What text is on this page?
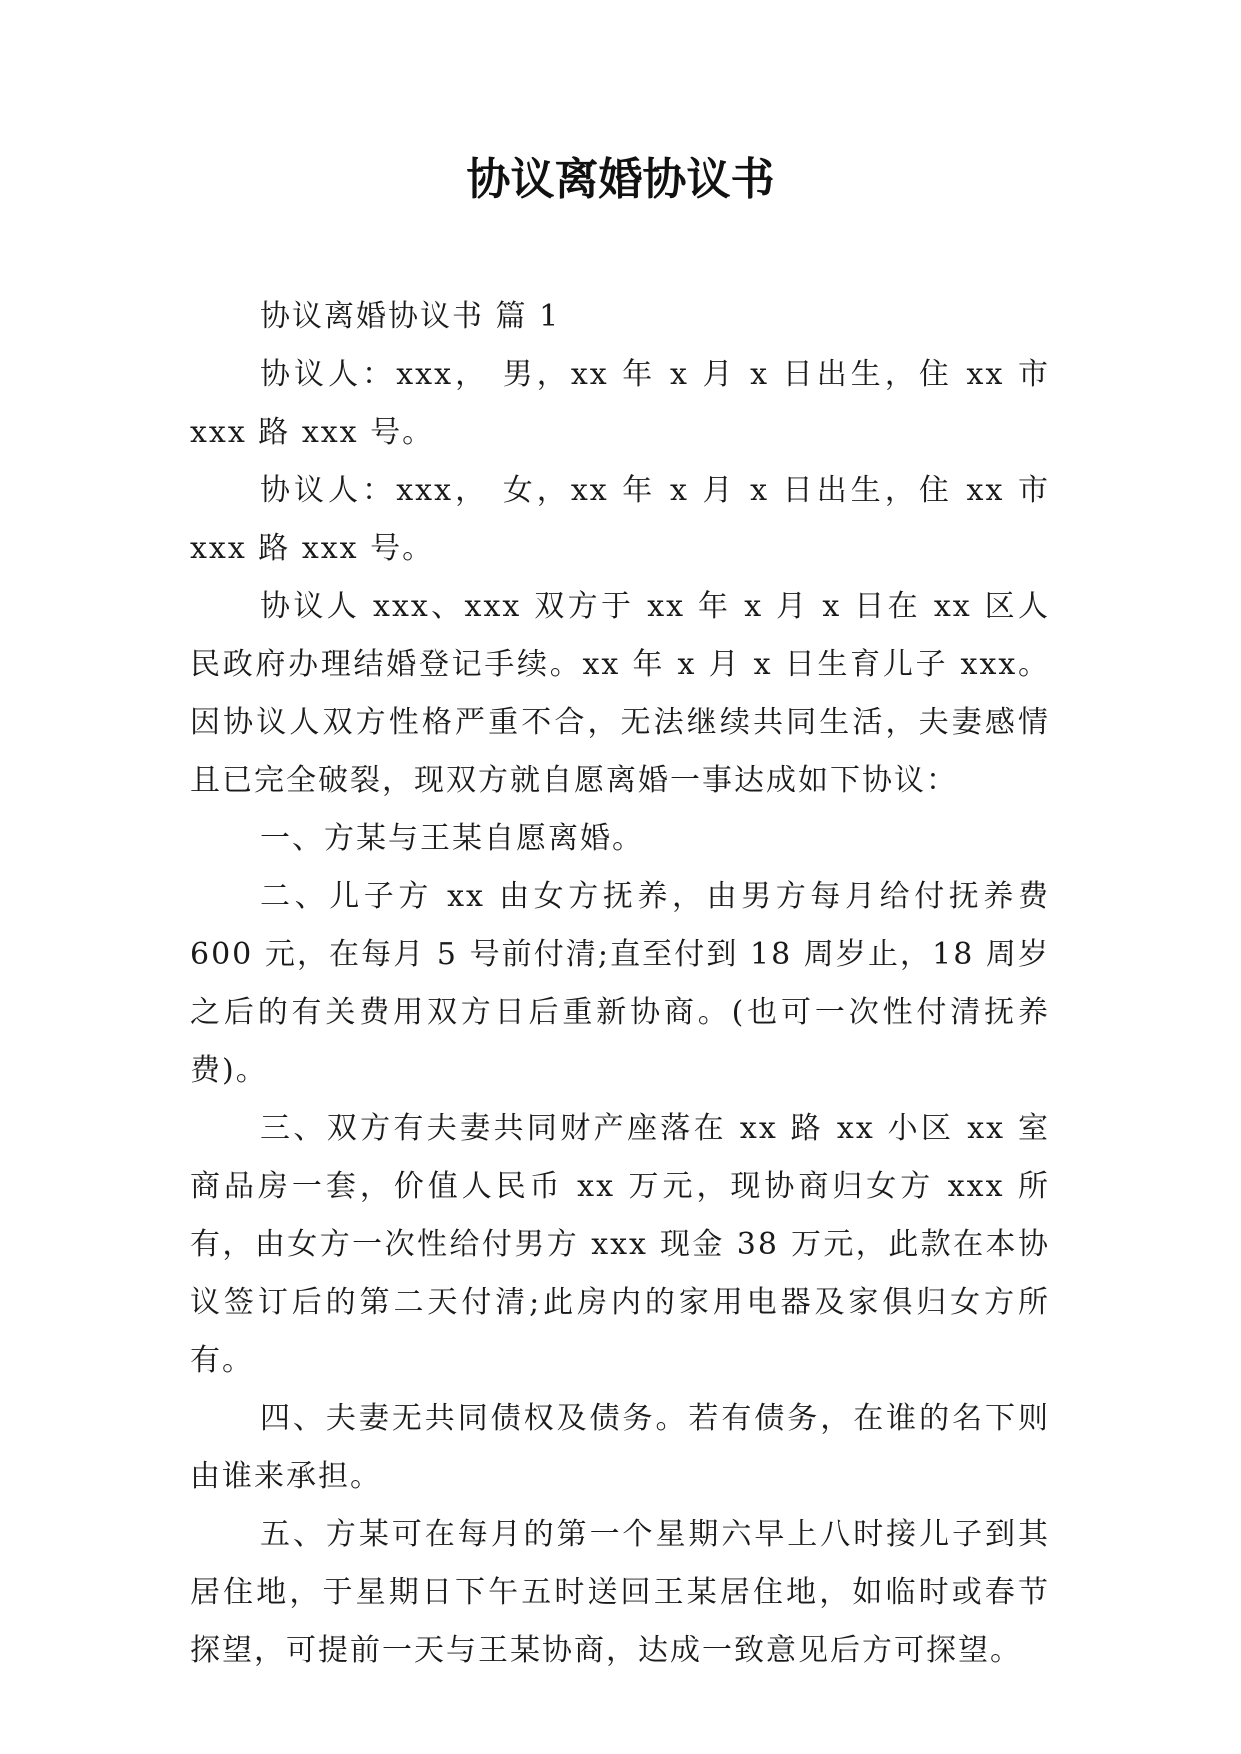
协议离婚协议书

协议离婚协议书 篇 1

协议人：xxx， 男，xx 年 x 月 x 日出生，住 xx 市 xxx 路 xxx 号。

协议人：xxx， 女，xx 年 x 月 x 日出生，住 xx 市 xxx 路 xxx 号。

协议人 xxx、xxx 双方于 xx 年 x 月 x 日在 xx 区人民政府办理结婚登记手续。xx 年 x 月 x 日生育儿子 xxx。因协议人双方性格严重不合，无法继续共同生活，夫妻感情且已完全破裂，现双方就自愿离婚一事达成如下协议：

一、方某与王某自愿离婚。

二、儿子方 xx 由女方抚养，由男方每月给付抚养费 600 元，在每月 5 号前付清;直至付到 18 周岁止，18 周岁之后的有关费用双方日后重新协商。(也可一次性付清抚养费)。

三、双方有夫妻共同财产座落在 xx 路 xx 小区 xx 室商品房一套，价值人民币 xx 万元，现协商归女方 xxx 所有，由女方一次性给付男方 xxx 现金 38 万元，此款在本协议签订后的第二天付清;此房内的家用电器及家俱归女方所有。

四、夫妻无共同债权及债务。若有债务，在谁的名下则由谁来承担。

五、方某可在每月的第一个星期六早上八时接儿子到其居住地，于星期日下午五时送回王某居住地，如临时或春节探望，可提前一天与王某协商，达成一致意见后方可探望。
